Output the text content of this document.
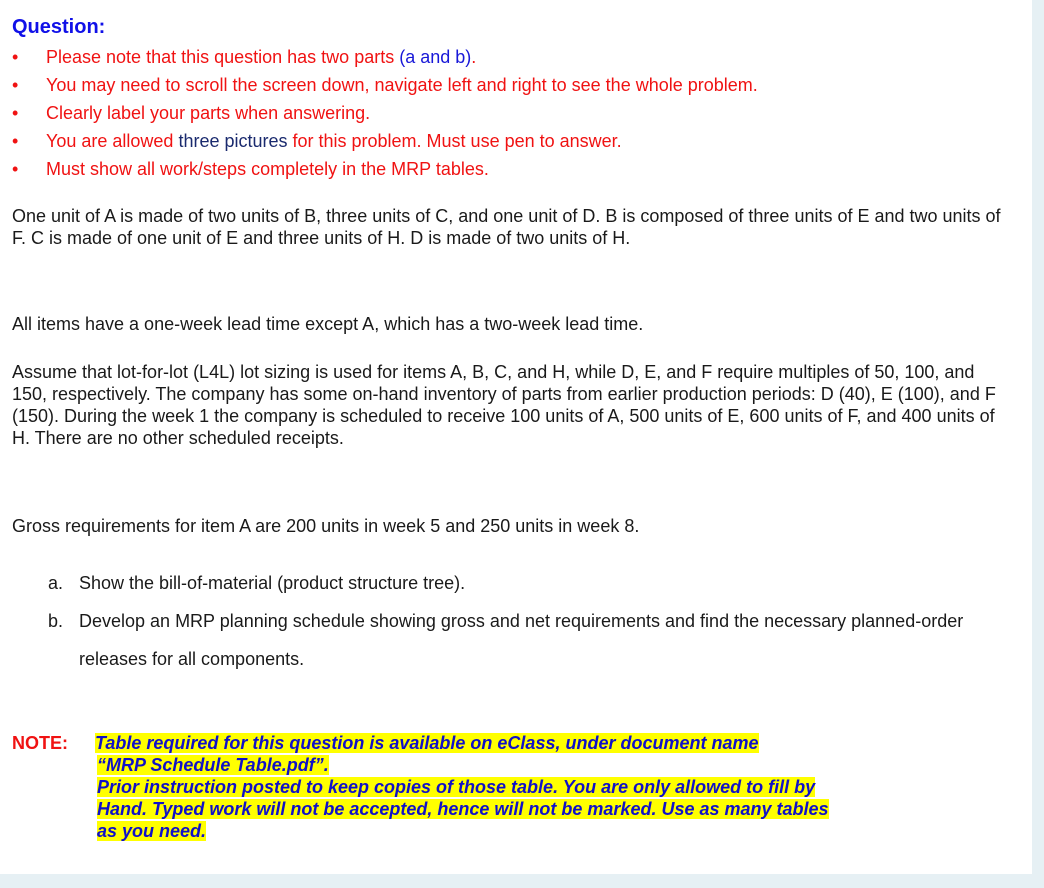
Question:
• Please note that this question has two parts (a and b).
• You may need to scroll the screen down, navigate left and right to see the whole problem.
• Clearly label your parts when answering.
• You are allowed three pictures for this problem. Must use pen to answer.
• Must show all work/steps completely in the MRP tables.

One unit of A is made of two units of B, three units of C, and one unit of D. B is composed of three units of E and two units of F. C is made of one unit of E and three units of H. D is made of two units of H.

All items have a one-week lead time except A, which has a two-week lead time.

Assume that lot-for-lot (L4L) lot sizing is used for items A, B, C, and H, while D, E, and F require multiples of 50, 100, and 150, respectively. The company has some on-hand inventory of parts from earlier production periods: D (40), E (100), and F (150). During the week 1 the company is scheduled to receive 100 units of A, 500 units of E, 600 units of F, and 400 units of H. There are no other scheduled receipts.

Gross requirements for item A are 200 units in week 5 and 250 units in week 8.

a. Show the bill-of-material (product structure tree).
b. Develop an MRP planning schedule showing gross and net requirements and find the necessary planned-order releases for all components.
NOTE: Table required for this question is available on eClass, under document name
“MRP Schedule Table.pdf”.
Prior instruction posted to keep copies of those table. You are only allowed to fill by
Hand. Typed work will not be accepted, hence will not be marked. Use as many tables
as you need.
